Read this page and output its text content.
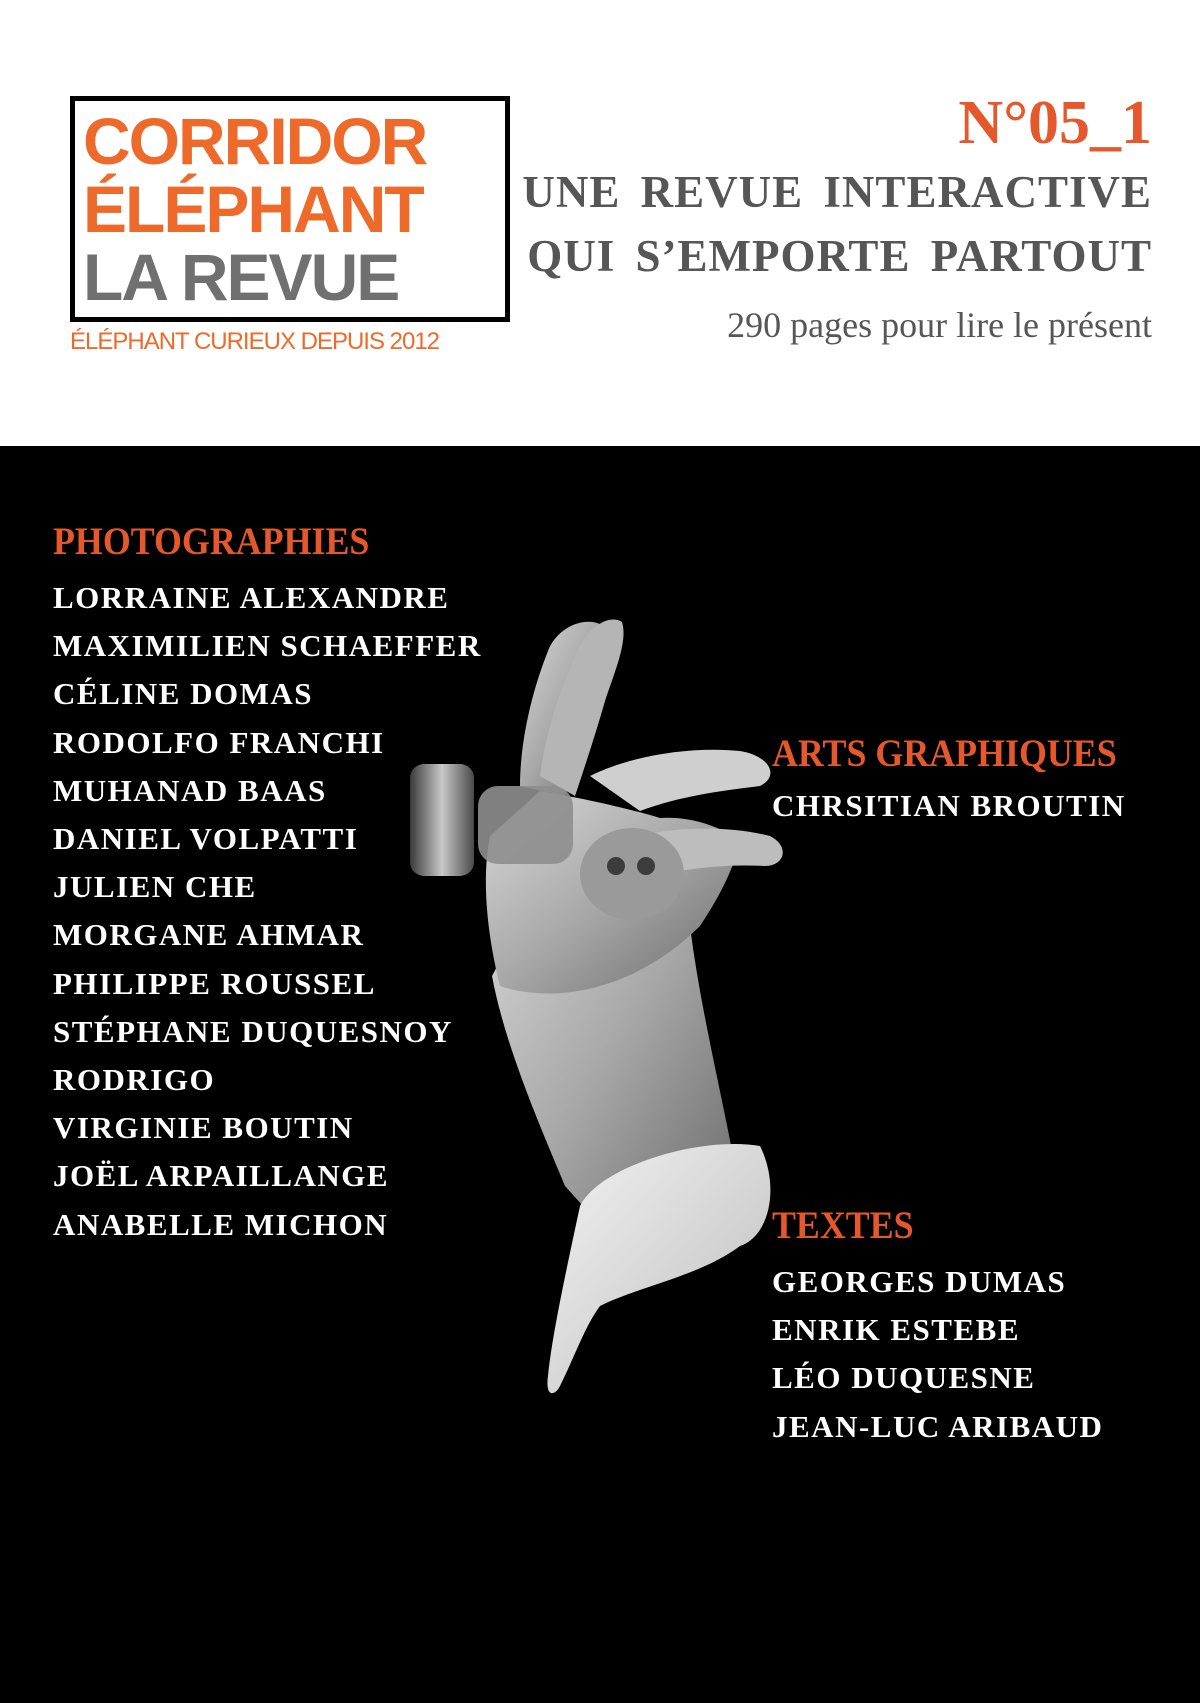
CORRIDOR
ÉLÉPHANT
LA REVUE
ÉLÉPHANT CURIEUX DEPUIS 2012
N°05_1
UNE REVUE INTERACTIVE
QUI S’EMPORTE PARTOUT
290 pages pour lire le présent
PHOTOGRAPHIES
LORRAINE ALEXANDRE
MAXIMILIEN SCHAEFFER
CÉLINE DOMAS
RODOLFO FRANCHI
MUHANAD BAAS
DANIEL VOLPATTI
JULIEN CHE
MORGANE AHMAR
PHILIPPE ROUSSEL
STÉPHANE DUQUESNOY
RODRIGO
VIRGINIE BOUTIN
JOËL ARPAILLANGE
ANABELLE MICHON
ARTS GRAPHIQUES
CHRSITIAN BROUTIN
TEXTES
GEORGES DUMAS
ENRIK ESTEBE
LÉO DUQUESNE
JEAN-LUC ARIBAUD
